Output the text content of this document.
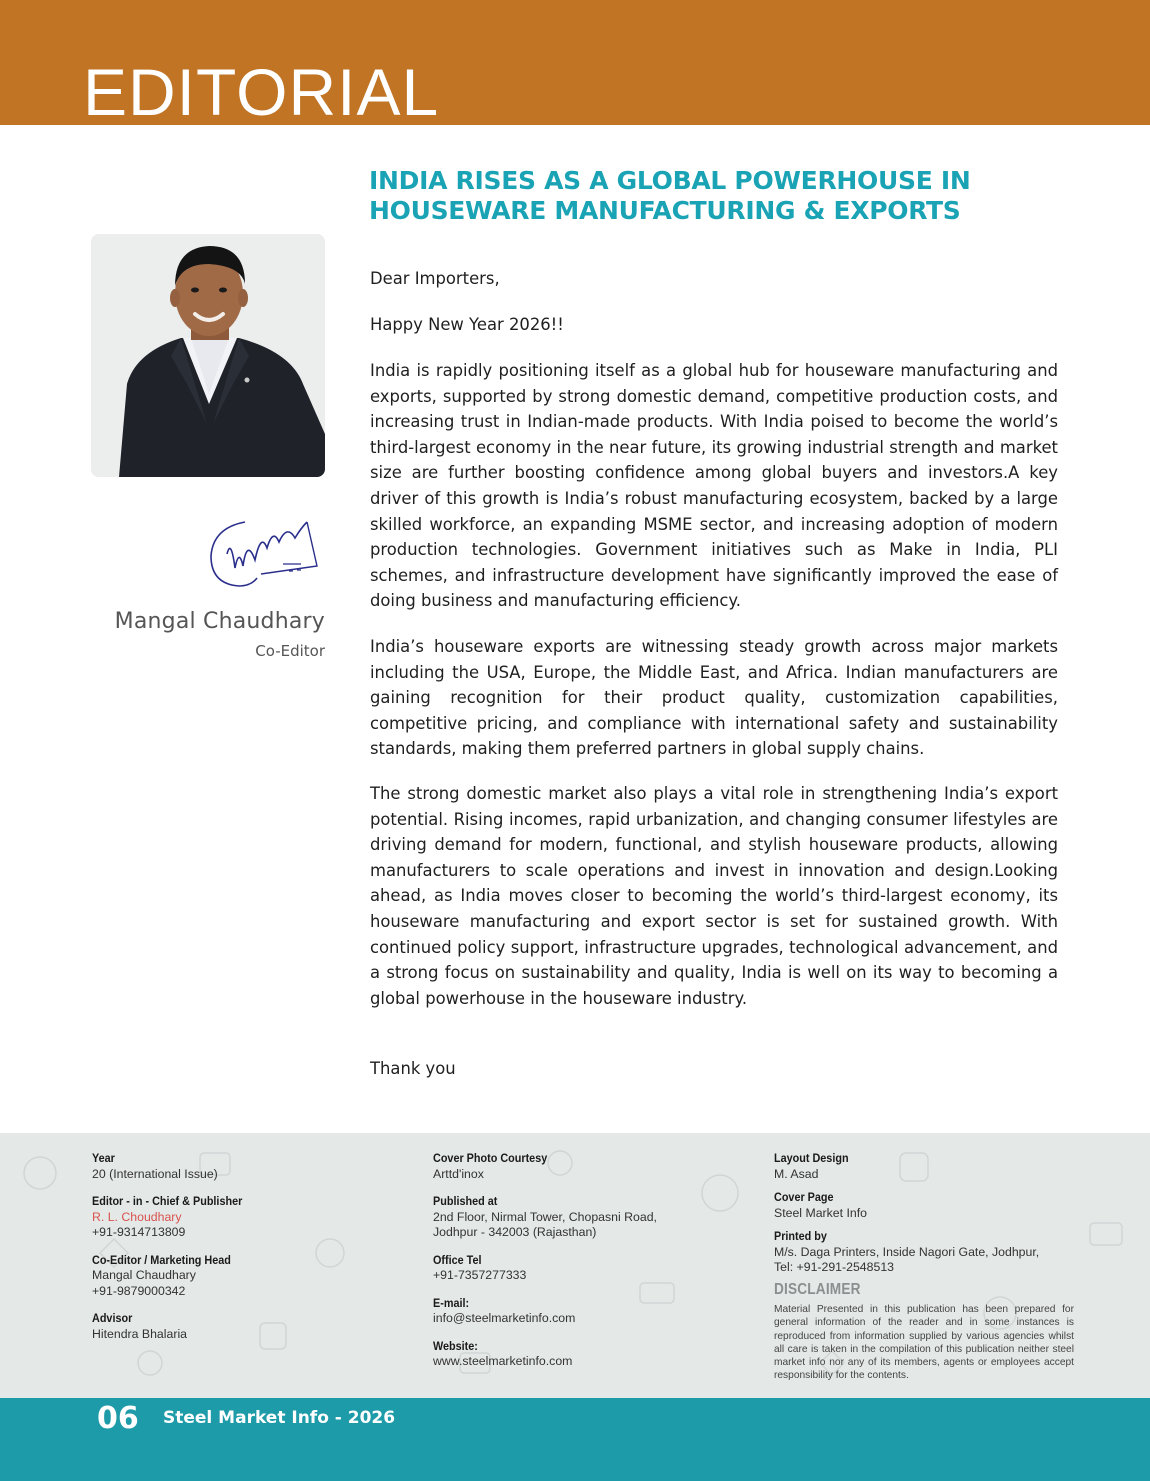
EDITORIAL
INDIA RISES AS A GLOBAL POWERHOUSE IN
HOUSEWARE MANUFACTURING & EXPORTS
Mangal Chaudhary
Co-Editor

Dear Importers,

Happy New Year 2026!!

India is rapidly positioning itself as a global hub for houseware manufacturing and exports, supported by strong domestic demand, competitive production costs, and increasing trust in Indian-made products. With India poised to become the world’s third-largest economy in the near future, its growing industrial strength and market size are further boosting confidence among global buyers and investors.A key driver of this growth is India’s robust manufacturing ecosystem, backed by a large skilled workforce, an expanding MSME sector, and increasing adoption of modern production technologies. Government initiatives such as Make in India, PLI schemes, and infrastructure development have significantly improved the ease of doing business and manufacturing efficiency.

India’s houseware exports are witnessing steady growth across major markets including the USA, Europe, the Middle East, and Africa. Indian manufacturers are gaining recognition for their product quality, customization capabilities, competitive pricing, and compliance with international safety and sustainability standards, making them preferred partners in global supply chains.

The strong domestic market also plays a vital role in strengthening India’s export potential. Rising incomes, rapid urbanization, and changing consumer lifestyles are driving demand for modern, functional, and stylish houseware products, allowing manufacturers to scale operations and invest in innovation and design.Looking ahead, as India moves closer to becoming the world’s third-largest economy, its houseware manufacturing and export sector is set for sustained growth. With continued policy support, infrastructure upgrades, technological advancement, and a strong focus on sustainability and quality, India is well on its way to becoming a global powerhouse in the houseware industry.

Thank you

Year
20 (International Issue)
Editor - in - Chief & Publisher
R. L. Choudhary
+91-9314713809
Co-Editor / Marketing Head
Mangal Chaudhary
+91-9879000342
Advisor
Hitendra Bhalaria
Cover Photo Courtesy
Arttd'inox
Published at
2nd Floor, Nirmal Tower, Chopasni Road,
Jodhpur - 342003 (Rajasthan)
Office Tel
+91-7357277333
E-mail:
info@steelmarketinfo.com
Website:
www.steelmarketinfo.com
Layout Design
M. Asad
Cover Page
Steel Market Info
Printed by
M/s. Daga Printers, Inside Nagori Gate, Jodhpur,
Tel: +91-291-2548513
DISCLAIMER

Material Presented in this publication has been prepared for general information of the reader and in some instances is reproduced from information supplied by various agencies whilst all care is taken in the compilation of this publication neither steel market info nor any of its members, agents or employees accept responsibility for the contents.

06 Steel Market Info - 2026
